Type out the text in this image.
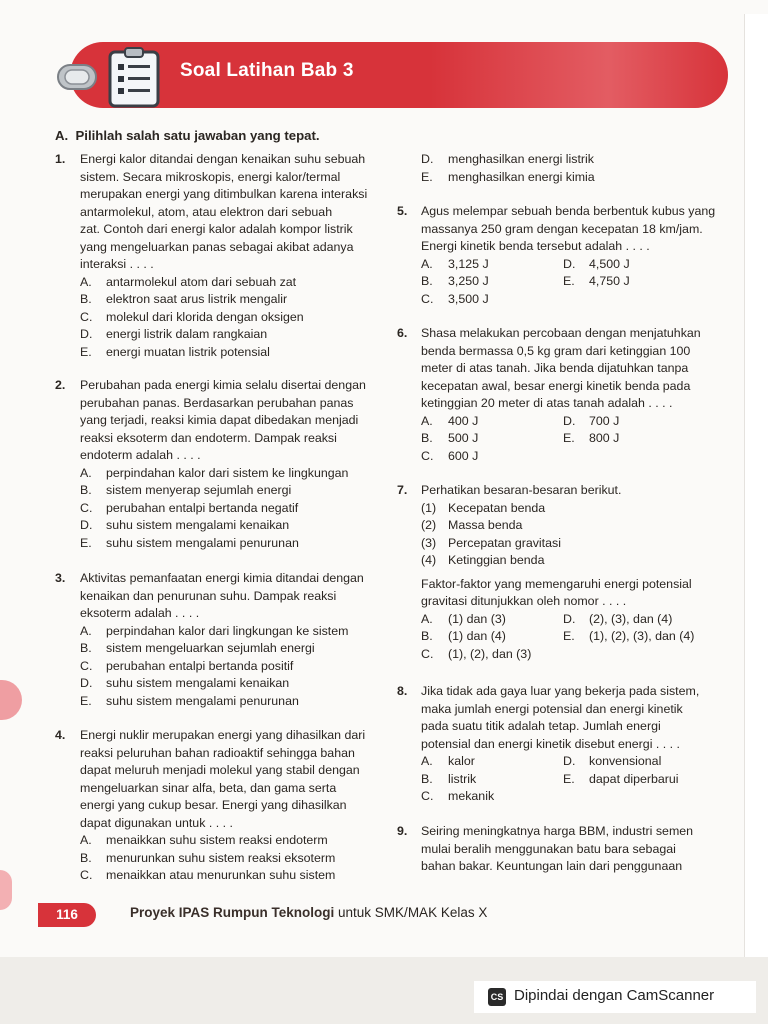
Soal Latihan Bab 3
A. Pilihlah salah satu jawaban yang tepat.
1. Energi kalor ditandai dengan kenaikan suhu sebuah
sistem. Secara mikroskopis, energi kalor/termal
merupakan energi yang ditimbulkan karena interaksi
antarmolekul, atom, atau elektron dari sebuah
zat. Contoh dari energi kalor adalah kompor listrik
yang mengeluarkan panas sebagai akibat adanya
interaksi . . . .
A. antarmolekul atom dari sebuah zat
B. elektron saat arus listrik mengalir
C. molekul dari klorida dengan oksigen
D. energi listrik dalam rangkaian
E. energi muatan listrik potensial
2. Perubahan pada energi kimia selalu disertai dengan
perubahan panas. Berdasarkan perubahan panas
yang terjadi, reaksi kimia dapat dibedakan menjadi
reaksi eksoterm dan endoterm. Dampak reaksi
endoterm adalah . . . .
A. perpindahan kalor dari sistem ke lingkungan
B. sistem menyerap sejumlah energi
C. perubahan entalpi bertanda negatif
D. suhu sistem mengalami kenaikan
E. suhu sistem mengalami penurunan
3. Aktivitas pemanfaatan energi kimia ditandai dengan
kenaikan dan penurunan suhu. Dampak reaksi
eksoterm adalah . . . .
A. perpindahan kalor dari lingkungan ke sistem
B. sistem mengeluarkan sejumlah energi
C. perubahan entalpi bertanda positif
D. suhu sistem mengalami kenaikan
E. suhu sistem mengalami penurunan
4. Energi nuklir merupakan energi yang dihasilkan dari
reaksi peluruhan bahan radioaktif sehingga bahan
dapat meluruh menjadi molekul yang stabil dengan
mengeluarkan sinar alfa, beta, dan gama serta
energi yang cukup besar. Energi yang dihasilkan
dapat digunakan untuk . . . .
A. menaikkan suhu sistem reaksi endoterm
B. menurunkan suhu sistem reaksi eksoterm
C. menaikkan atau menurunkan suhu sistem
D. menghasilkan energi listrik
E. menghasilkan energi kimia
5. Agus melempar sebuah benda berbentuk kubus yang
massanya 250 gram dengan kecepatan 18 km/jam.
Energi kinetik benda tersebut adalah . . . .
A. 3,125 J	D. 4,500 J
B. 3,250 J	E. 4,750 J
C. 3,500 J
6. Shasa melakukan percobaan dengan menjatuhkan
benda bermassa 0,5 kg gram dari ketinggian 100
meter di atas tanah. Jika benda dijatuhkan tanpa
kecepatan awal, besar energi kinetik benda pada
ketinggian 20 meter di atas tanah adalah . . . .
A. 400 J	D. 700 J
B. 500 J	E. 800 J
C. 600 J
7. Perhatikan besaran-besaran berikut.
(1) Kecepatan benda
(2) Massa benda
(3) Percepatan gravitasi
(4) Ketinggian benda
Faktor-faktor yang memengaruhi energi potensial
gravitasi ditunjukkan oleh nomor . . . .
A. (1) dan (3)	D. (2), (3), dan (4)
B. (1) dan (4)	E. (1), (2), (3), dan (4)
C. (1), (2), dan (3)
8. Jika tidak ada gaya luar yang bekerja pada sistem,
maka jumlah energi potensial dan energi kinetik
pada suatu titik adalah tetap. Jumlah energi
potensial dan energi kinetik disebut energi . . . .
A. kalor	D. konvensional
B. listrik	E. dapat diperbarui
C. mekanik
9. Seiring meningkatnya harga BBM, industri semen
mulai beralih menggunakan batu bara sebagai
bahan bakar. Keuntungan lain dari penggunaan
116	Proyek IPAS Rumpun Teknologi untuk SMK/MAK Kelas X
CS Dipindai dengan CamScanner
